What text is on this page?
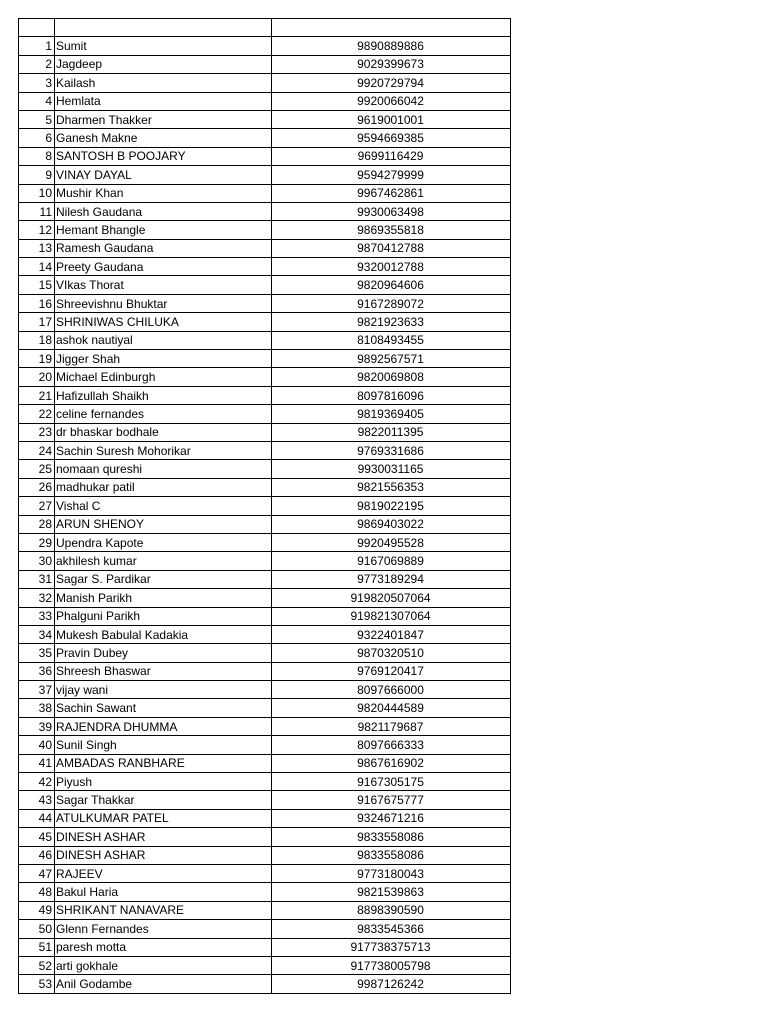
1	Sumit	9890889886
2	Jagdeep	9029399673
3	Kailash	9920729794
4	Hemlata	9920066042
5	Dharmen Thakker	9619001001
6	Ganesh Makne	9594669385
8	SANTOSH B POOJARY	9699116429
9	VINAY DAYAL	9594279999
10	Mushir Khan	9967462861
11	Nilesh Gaudana	9930063498
12	Hemant Bhangle	9869355818
13	Ramesh Gaudana	9870412788
14	Preety Gaudana	9320012788
15	VIkas Thorat	9820964606
16	Shreevishnu Bhuktar	9167289072
17	SHRINIWAS CHILUKA	9821923633
18	ashok nautiyal	8108493455
19	Jigger Shah	9892567571
20	Michael Edinburgh	9820069808
21	Hafizullah Shaikh	8097816096
22	celine fernandes	9819369405
23	dr bhaskar bodhale	9822011395
24	Sachin Suresh Mohorikar	9769331686
25	nomaan qureshi	9930031165
26	madhukar patil	9821556353
27	Vishal C	9819022195
28	ARUN SHENOY	9869403022
29	Upendra Kapote	9920495528
30	akhilesh kumar	9167069889
31	Sagar S. Pardikar	9773189294
32	Manish Parikh	919820507064
33	Phalguni Parikh	919821307064
34	Mukesh Babulal Kadakia	9322401847
35	Pravin Dubey	9870320510
36	Shreesh Bhaswar	9769120417
37	vijay wani	8097666000
38	Sachin Sawant	9820444589
39	RAJENDRA DHUMMA	9821179687
40	Sunil Singh	8097666333
41	AMBADAS RANBHARE	9867616902
42	Piyush	9167305175
43	Sagar Thakkar	9167675777
44	ATULKUMAR PATEL	9324671216
45	DINESH ASHAR	9833558086
46	DINESH ASHAR	9833558086
47	RAJEEV	9773180043
48	Bakul Haria	9821539863
49	SHRIKANT NANAVARE	8898390590
50	Glenn Fernandes	9833545366
51	paresh motta	917738375713
52	arti gokhale	917738005798
53	Anil Godambe	9987126242
